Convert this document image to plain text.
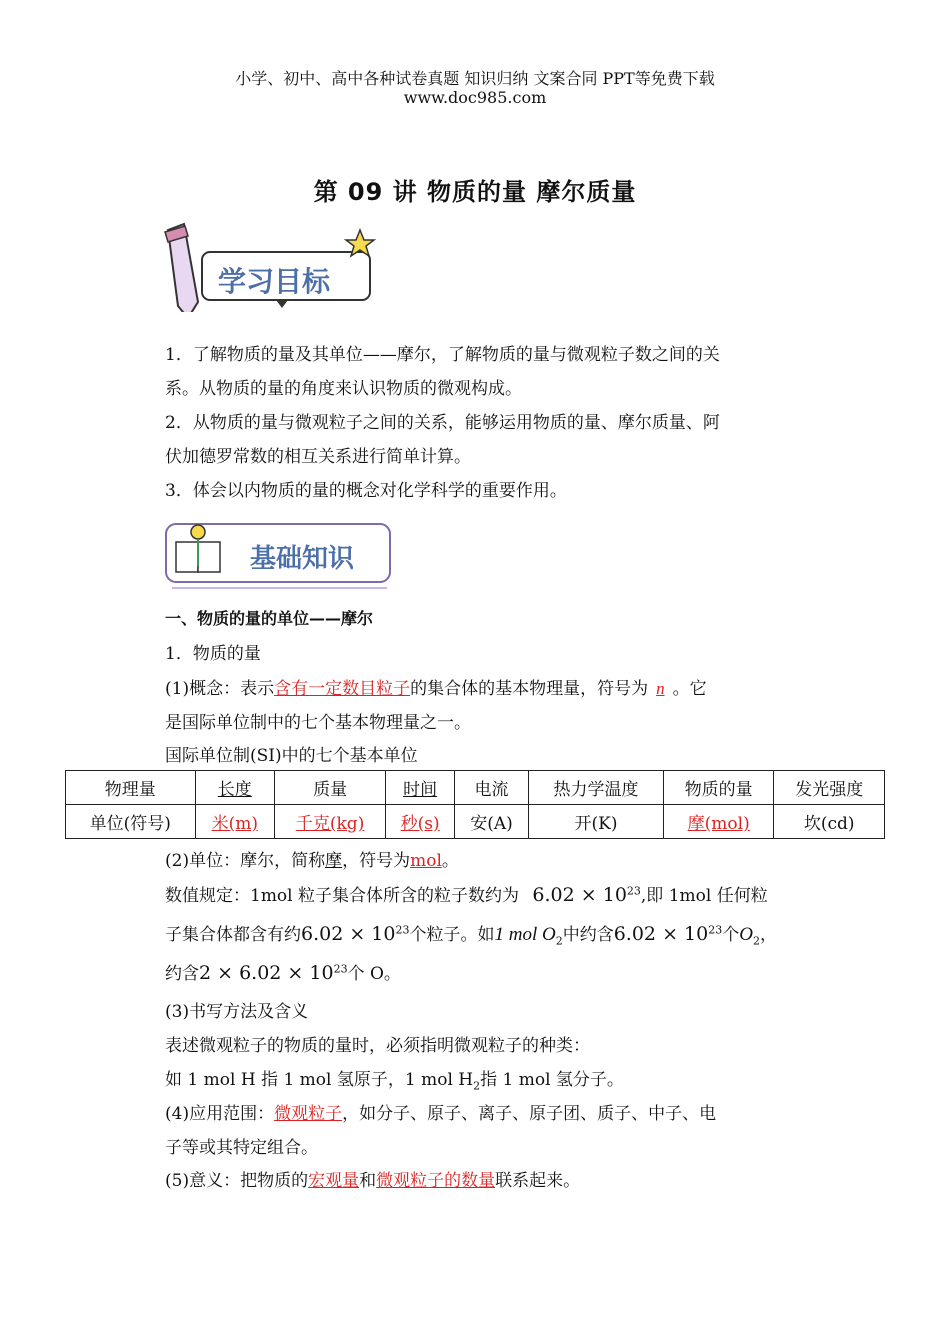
小学、初中、高中各种试卷真题 知识归纳 文案合同 PPT等免费下载
www.doc985.com
第 09 讲 物质的量 摩尔质量
学习目标
1．了解物质的量及其单位——摩尔，了解物质的量与微观粒子数之间的关
系。从物质的量的角度来认识物质的微观构成。
2．从物质的量与微观粒子之间的关系，能够运用物质的量、摩尔质量、阿
伏加德罗常数的相互关系进行简单计算。
3．体会以内物质的量的概念对化学科学的重要作用。
基础知识
一、物质的量的单位——摩尔
1．物质的量
(1)概念：表示含有一定数目粒子的集合体的基本物理量，符号为 n 。它
是国际单位制中的七个基本物理量之一。
国际单位制(SI)中的七个基本单位
物理量	长度	质量	时间	电流	热力学温度	物质的量	发光强度
单位(符号)	米(m)	千克(kg)	秒(s)	安(A)	开(K)	摩(mol)	坎(cd)
(2)单位：摩尔，简称摩，符号为mol。
数值规定：1mol 粒子集合体所含的粒子数约为 $6.02 \times 10^{23}$,即 1mol 任何粒
子集合体都含有约$6.02 \times 10^{23}$个粒子。如1 mol $O_2$中约含$6.02 \times 10^{23}$个$O_2$，
约含$2 \times 6.02 \times 10^{23}$个 O。
(3)书写方法及含义
表述微观粒子的物质的量时，必须指明微观粒子的种类：
如 1 mol H 指 1 mol 氢原子，1 mol $H_2$指 1 mol 氢分子。
(4)应用范围：微观粒子，如分子、原子、离子、原子团、质子、中子、电
子等或其特定组合。
(5)意义：把物质的宏观量和微观粒子的数量联系起来。
